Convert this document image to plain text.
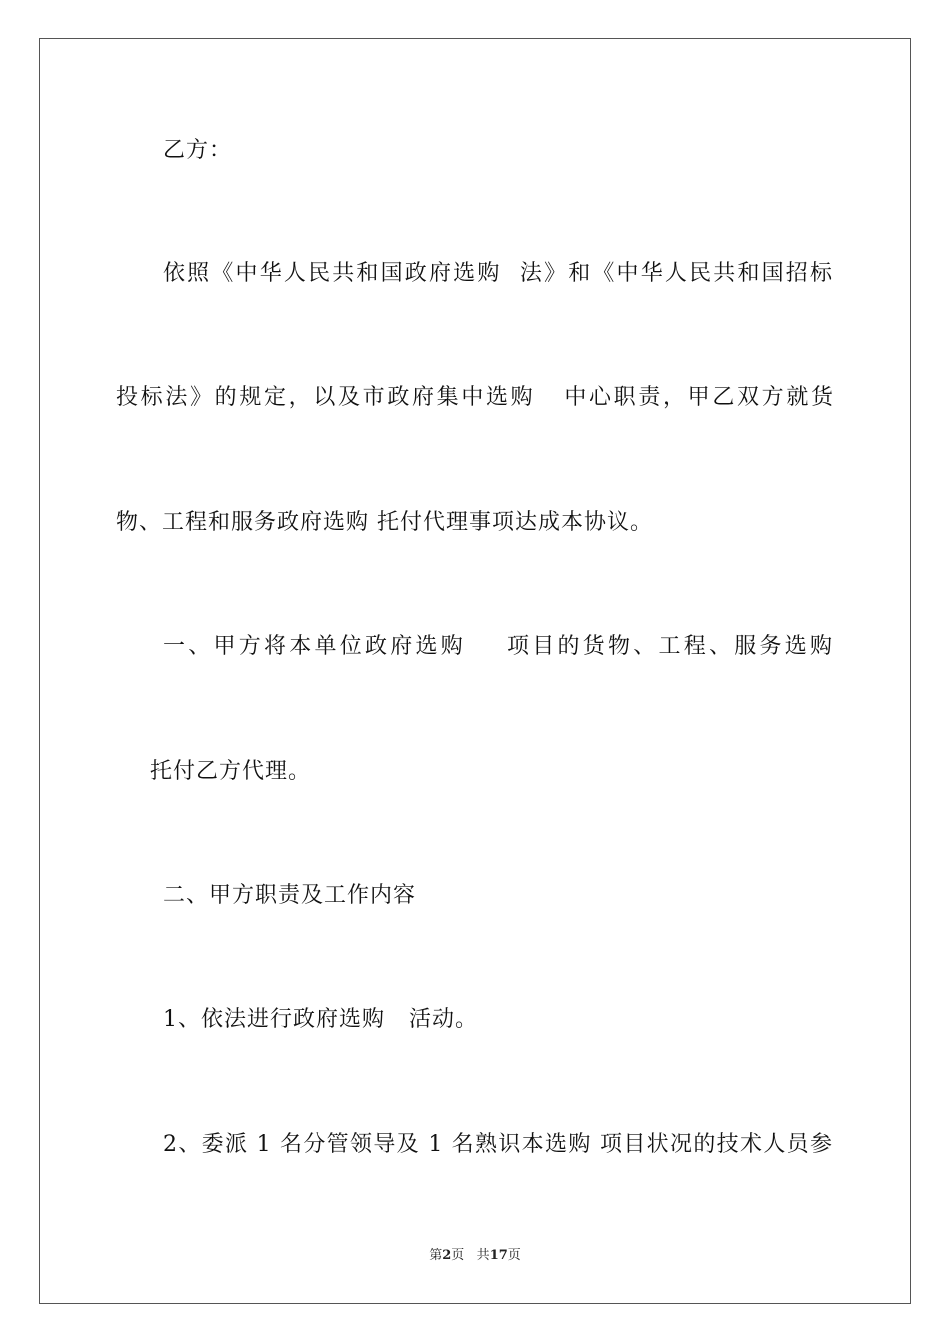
乙方：
依照《中华人民共和国政府选购  法》和《中华人民共和国招标
投标法》的规定，以及市政府集中选购   中心职责，甲乙双方就货
物、工程和服务政府选购 托付代理事项达成本协议。
一、甲方将本单位政府选购    项目的货物、工程、服务选购
托付乙方代理。
二、甲方职责及工作内容
1、依法进行政府选购   活动。
2、委派 1 名分管领导及 1 名熟识本选购 项目状况的技术人员参
第2页 共17页
